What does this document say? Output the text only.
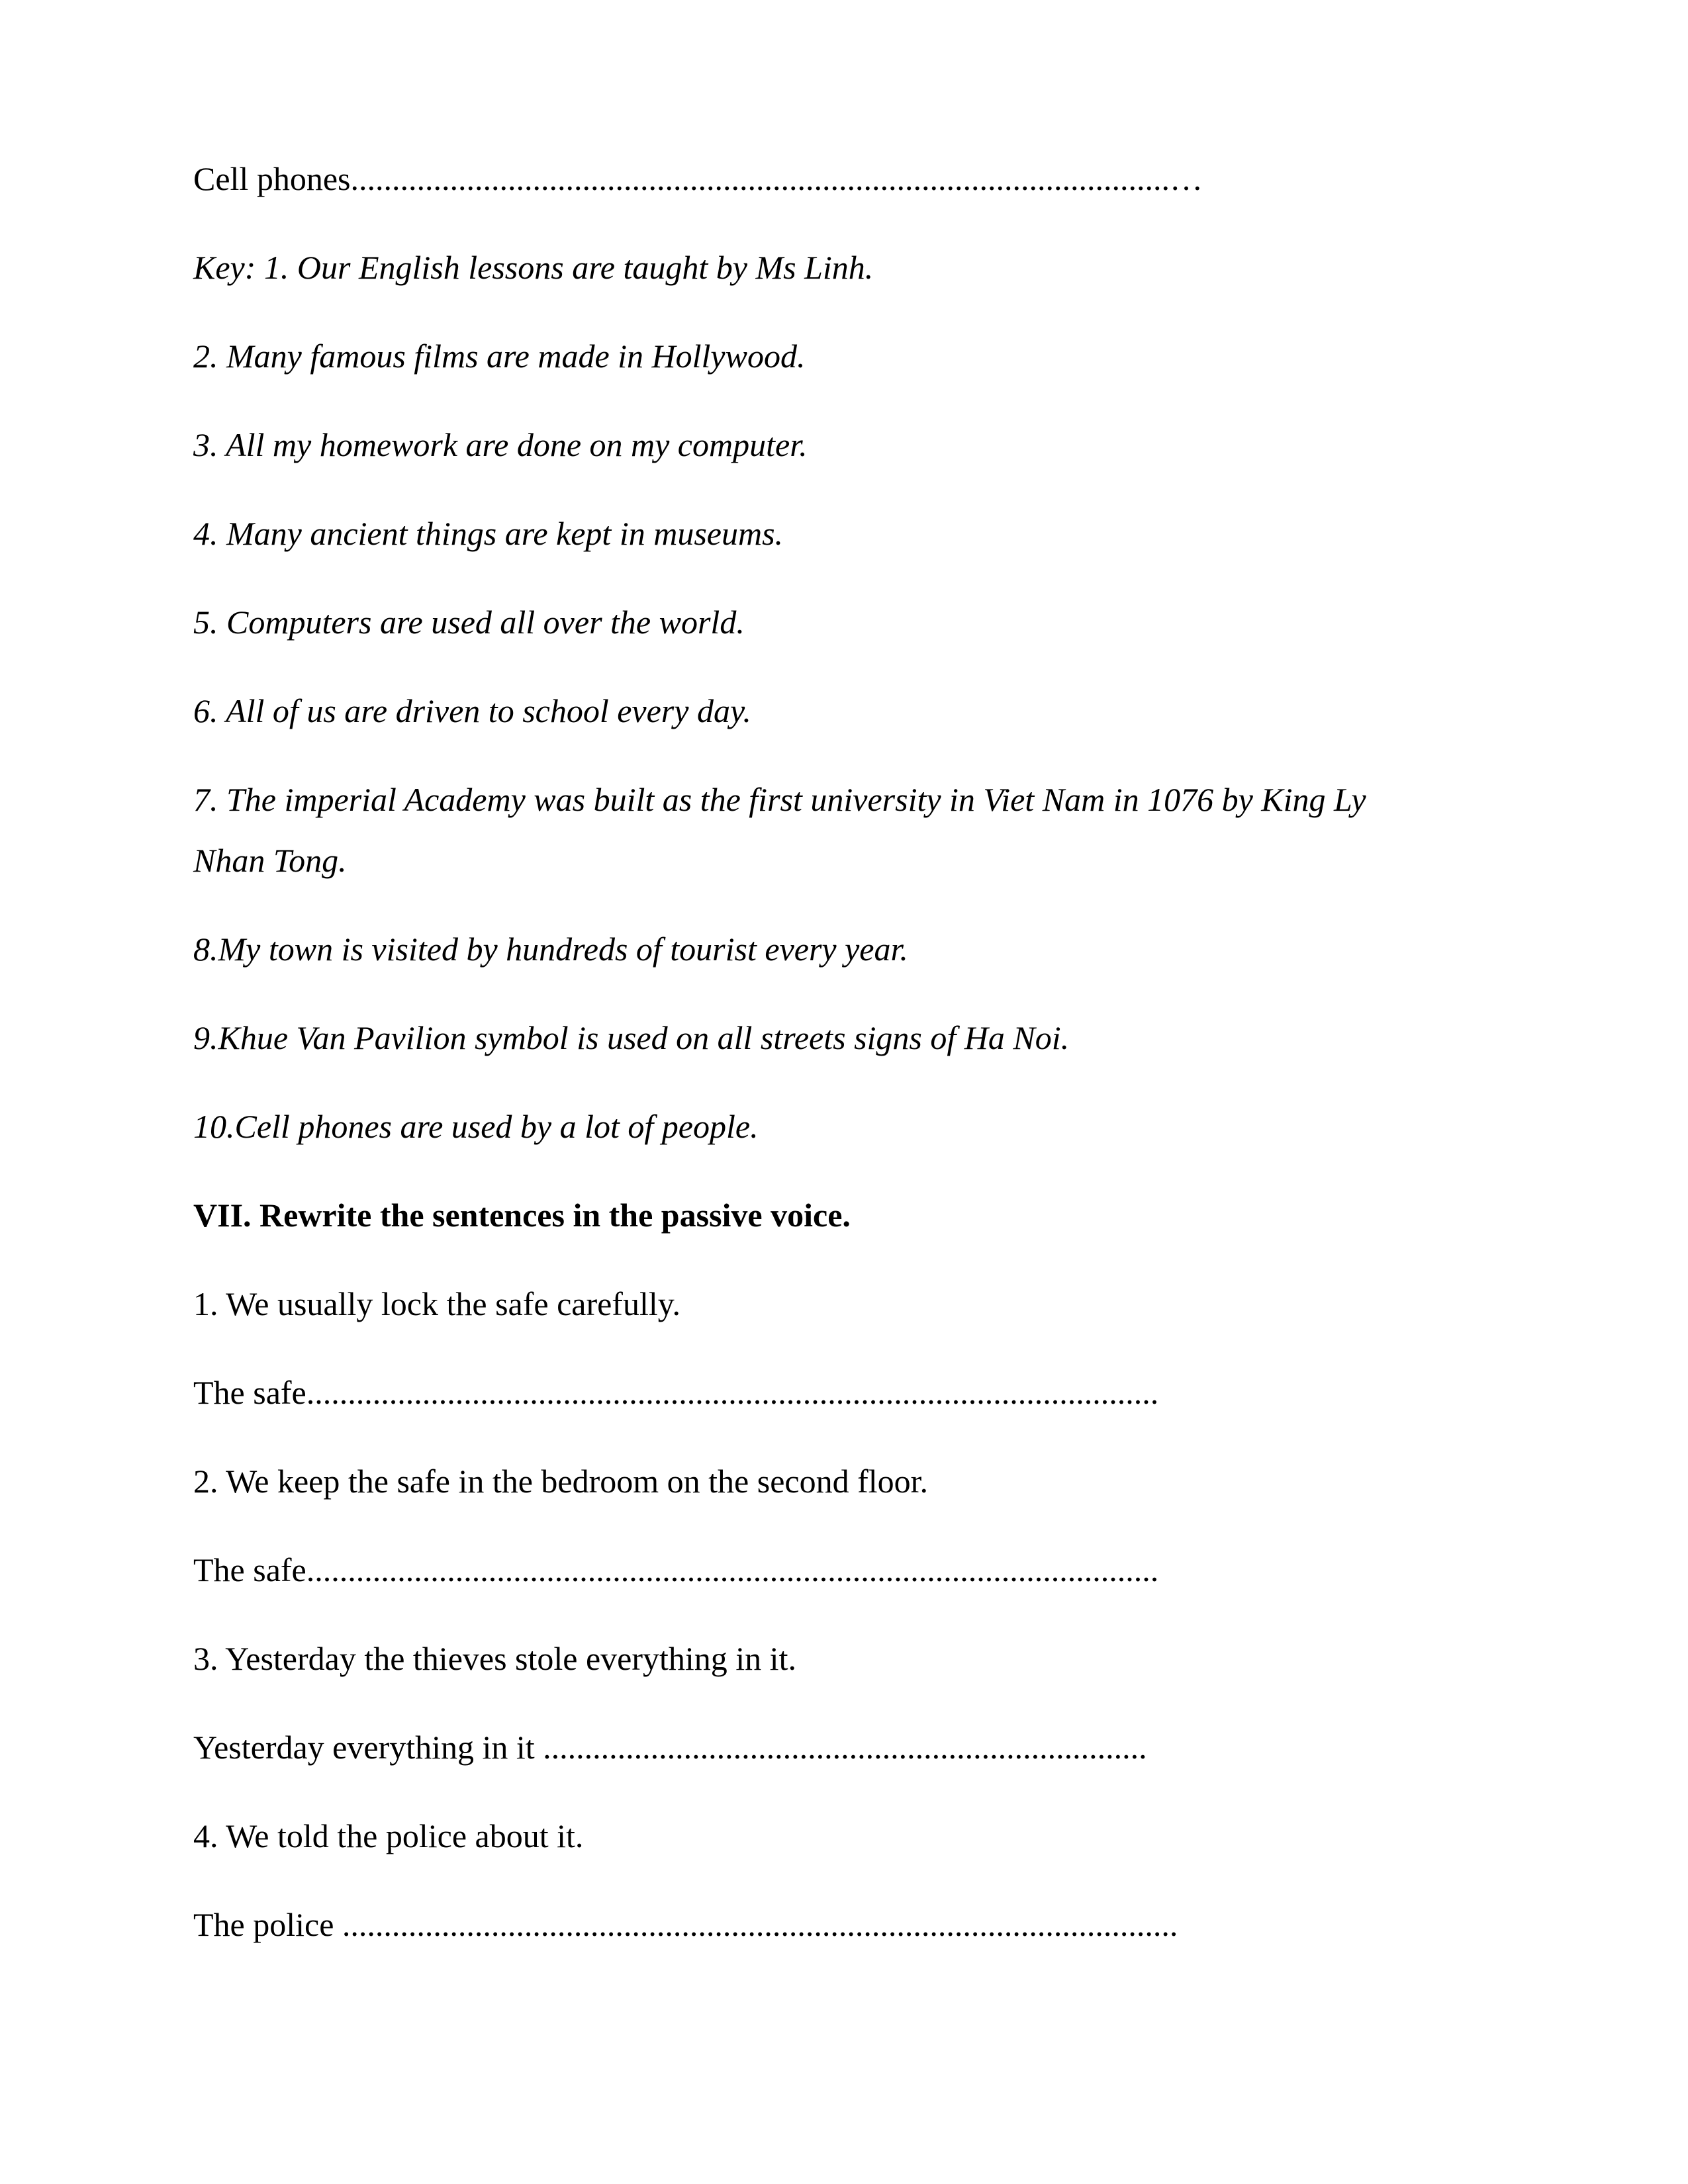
Cell phones...................................................................................................…

Key: 1. Our English lessons are taught by Ms Linh.

2. Many famous films are made in Hollywood.

3. All my homework are done on my computer.

4. Many ancient things are kept in museums.

5. Computers are used all over the world.

6. All of us are driven to school every day.

7. The imperial Academy was built as the first university in Viet Nam in 1076 by King Ly

Nhan Tong.

8.My town is visited by hundreds of tourist every year.

9.Khue Van Pavilion symbol is used on all streets signs of Ha Noi.

10.Cell phones are used by a lot of people.

VII. Rewrite the sentences in the passive voice.

1. We usually lock the safe carefully.

The safe.......................................................................................................

2. We keep the safe in the bedroom on the second floor.

The safe.......................................................................................................

3. Yesterday the thieves stole everything in it.

Yesterday everything in it .........................................................................

4. We told the police about it.

The police .....................................................................................................
